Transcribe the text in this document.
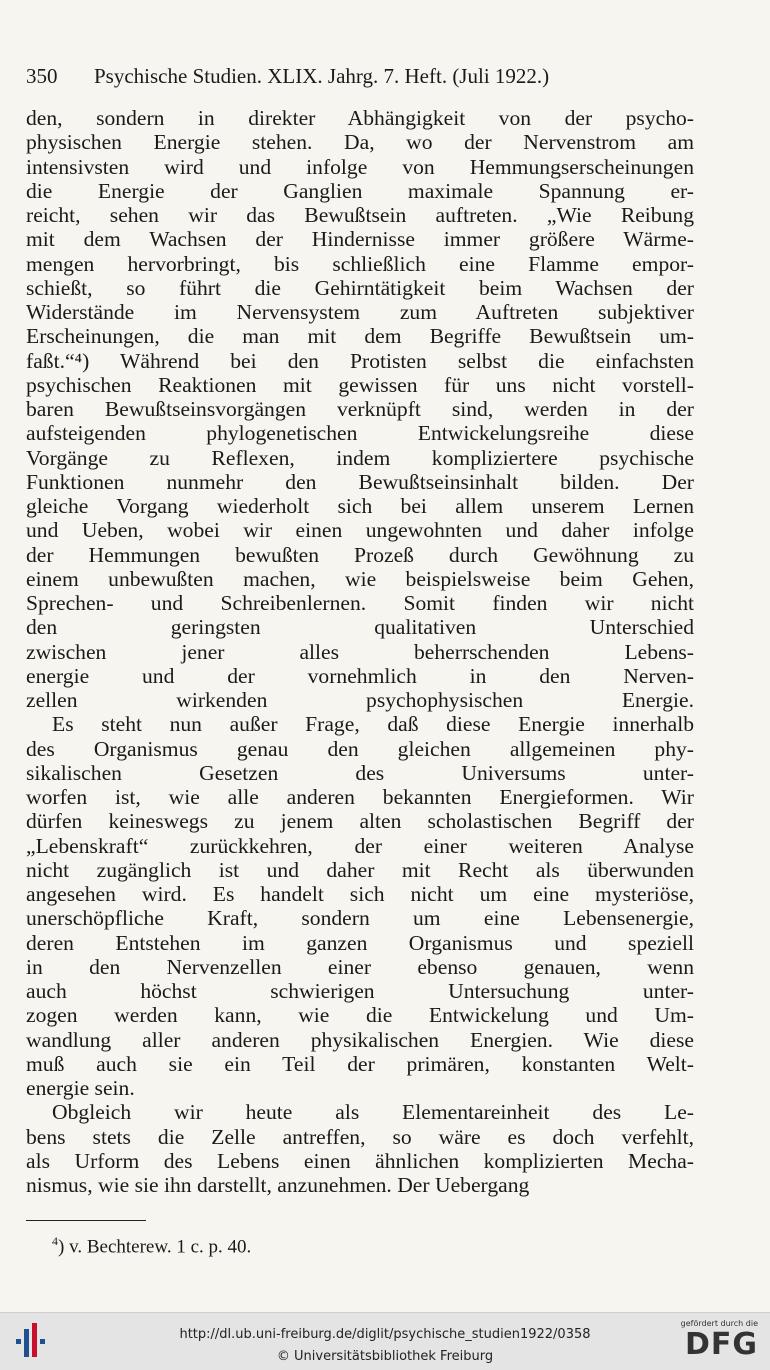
350 Psychische Studien. XLIX. Jahrg. 7. Heft. (Juli 1922.)
den, sondern in direkter Abhängigkeit von der psycho-
physischen Energie stehen. Da, wo der Nervenstrom am
intensivsten wird und infolge von Hemmungserscheinungen
die Energie der Ganglien maximale Spannung er-
reicht, sehen wir das Bewußtsein auftreten. „Wie Reibung
mit dem Wachsen der Hindernisse immer größere Wärme-
mengen hervorbringt, bis schließlich eine Flamme empor-
schießt, so führt die Gehirntätigkeit beim Wachsen der
Widerstände im Nervensystem zum Auftreten subjektiver
Erscheinungen, die man mit dem Begriffe Bewußtsein um-
faßt.“⁴) Während bei den Protisten selbst die einfachsten
psychischen Reaktionen mit gewissen für uns nicht vorstell-
baren Bewußtseinsvorgängen verknüpft sind, werden in der
aufsteigenden phylogenetischen Entwickelungsreihe diese
Vorgänge zu Reflexen, indem kompliziertere psychische
Funktionen nunmehr den Bewußtseinsinhalt bilden. Der
gleiche Vorgang wiederholt sich bei allem unserem Lernen
und Ueben, wobei wir einen ungewohnten und daher infolge
der Hemmungen bewußten Prozeß durch Gewöhnung zu
einem unbewußten machen, wie beispielsweise beim Gehen,
Sprechen- und Schreibenlernen. Somit finden wir nicht
den geringsten qualitativen Unterschied
zwischen jener alles beherrschenden Lebens-
energie und der vornehmlich in den Nerven-
zellen wirkenden psychophysischen Energie.
Es steht nun außer Frage, daß diese Energie innerhalb
des Organismus genau den gleichen allgemeinen phy-
sikalischen Gesetzen des Universums unter-
worfen ist, wie alle anderen bekannten Energieformen. Wir
dürfen keineswegs zu jenem alten scholastischen Begriff der
„Lebenskraft“ zurückkehren, der einer weiteren Analyse
nicht zugänglich ist und daher mit Recht als überwunden
angesehen wird. Es handelt sich nicht um eine mysteriöse,
unerschöpfliche Kraft, sondern um eine Lebensenergie,
deren Entstehen im ganzen Organismus und speziell
in den Nervenzellen einer ebenso genauen, wenn
auch höchst schwierigen Untersuchung unter-
zogen werden kann, wie die Entwickelung und Um-
wandlung aller anderen physikalischen Energien. Wie diese
muß auch sie ein Teil der primären, konstanten Welt-
energie sein.
Obgleich wir heute als Elementareinheit des Le-
bens stets die Zelle antreffen, so wäre es doch verfehlt,
als Urform des Lebens einen ähnlichen komplizierten Mecha-
nismus, wie sie ihn darstellt, anzunehmen. Der Uebergang
$^4$) v. Bechterew. 1 c. p. 40.
http://dl.ub.uni-freiburg.de/diglit/psychische_studien1922/0358
© Universitätsbibliothek Freiburg
gefördert durch die
DFG
